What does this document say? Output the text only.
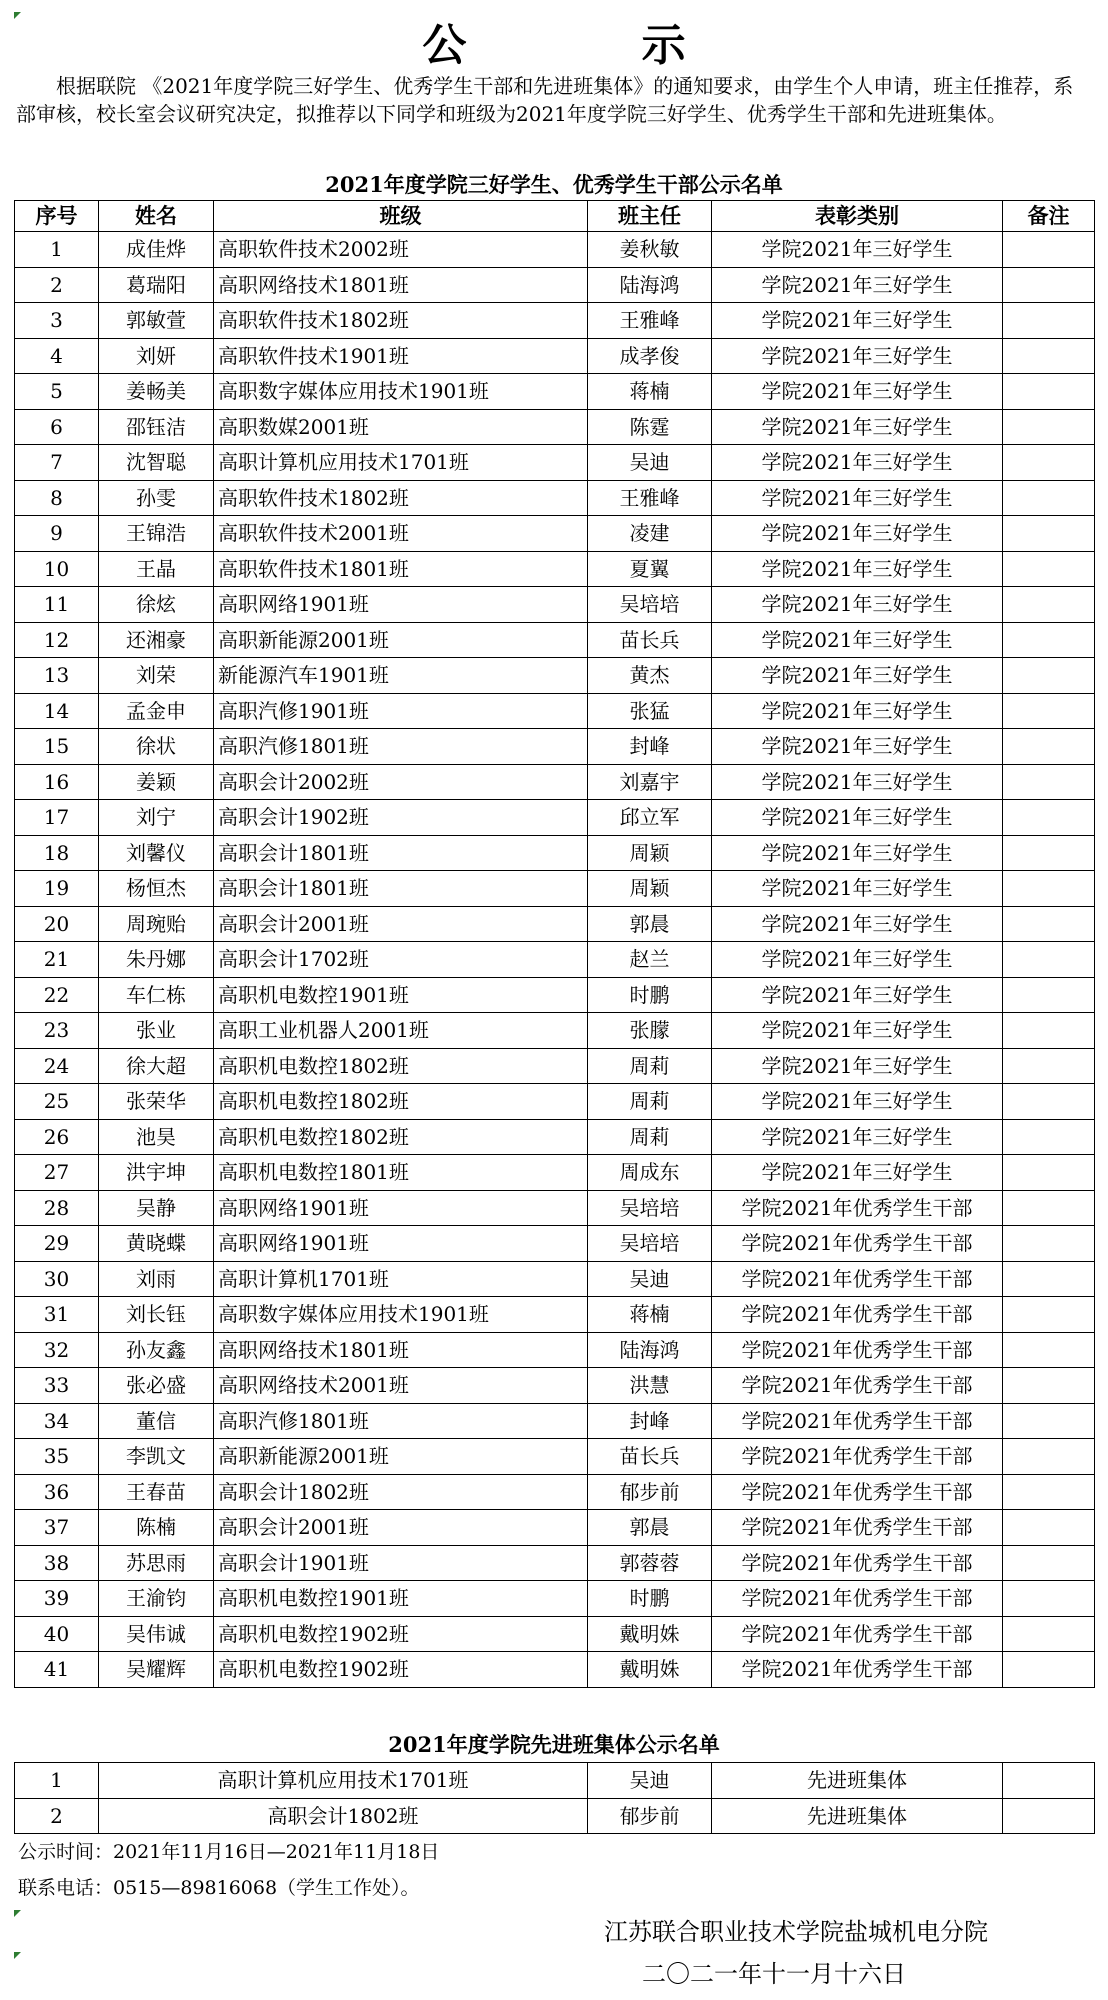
公 示

根据联院 《2021年度学院三好学生、优秀学生干部和先进班集体》的通知要求，由学生个人申请，班主任推荐，系部审核，校长室会议研究决定，拟推荐以下同学和班级为2021年度学院三好学生、优秀学生干部和先进班集体。

2021年度学院三好学生、优秀学生干部公示名单
序号	姓名	班级	班主任	表彰类别	备注
1	成佳烨	高职软件技术2002班	姜秋敏	学院2021年三好学生	
2	葛瑞阳	高职网络技术1801班	陆海鸿	学院2021年三好学生	
3	郭敏萱	高职软件技术1802班	王雅峰	学院2021年三好学生	
4	刘妍	高职软件技术1901班	成孝俊	学院2021年三好学生	
5	姜畅美	高职数字媒体应用技术1901班	蒋楠	学院2021年三好学生	
6	邵钰洁	高职数媒2001班	陈霆	学院2021年三好学生	
7	沈智聪	高职计算机应用技术1701班	吴迪	学院2021年三好学生	
8	孙雯	高职软件技术1802班	王雅峰	学院2021年三好学生	
9	王锦浩	高职软件技术2001班	凌建	学院2021年三好学生	
10	王晶	高职软件技术1801班	夏翼	学院2021年三好学生	
11	徐炫	高职网络1901班	吴培培	学院2021年三好学生	
12	还湘豪	高职新能源2001班	苗长兵	学院2021年三好学生	
13	刘荣	新能源汽车1901班	黄杰	学院2021年三好学生	
14	孟金申	高职汽修1901班	张猛	学院2021年三好学生	
15	徐状	高职汽修1801班	封峰	学院2021年三好学生	
16	姜颖	高职会计2002班	刘嘉宇	学院2021年三好学生	
17	刘宁	高职会计1902班	邱立军	学院2021年三好学生	
18	刘馨仪	高职会计1801班	周颖	学院2021年三好学生	
19	杨恒杰	高职会计1801班	周颖	学院2021年三好学生	
20	周琬贻	高职会计2001班	郭晨	学院2021年三好学生	
21	朱丹娜	高职会计1702班	赵兰	学院2021年三好学生	
22	车仁栋	高职机电数控1901班	时鹏	学院2021年三好学生	
23	张业	高职工业机器人2001班	张朦	学院2021年三好学生	
24	徐大超	高职机电数控1802班	周莉	学院2021年三好学生	
25	张荣华	高职机电数控1802班	周莉	学院2021年三好学生	
26	池昊	高职机电数控1802班	周莉	学院2021年三好学生	
27	洪宇坤	高职机电数控1801班	周成东	学院2021年三好学生	
28	吴静	高职网络1901班	吴培培	学院2021年优秀学生干部	
29	黄晓蝶	高职网络1901班	吴培培	学院2021年优秀学生干部	
30	刘雨	高职计算机1701班	吴迪	学院2021年优秀学生干部	
31	刘长钰	高职数字媒体应用技术1901班	蒋楠	学院2021年优秀学生干部	
32	孙友鑫	高职网络技术1801班	陆海鸿	学院2021年优秀学生干部	
33	张必盛	高职网络技术2001班	洪慧	学院2021年优秀学生干部	
34	董信	高职汽修1801班	封峰	学院2021年优秀学生干部	
35	李凯文	高职新能源2001班	苗长兵	学院2021年优秀学生干部	
36	王春苗	高职会计1802班	郁步前	学院2021年优秀学生干部	
37	陈楠	高职会计2001班	郭晨	学院2021年优秀学生干部	
38	苏思雨	高职会计1901班	郭蓉蓉	学院2021年优秀学生干部	
39	王渝钧	高职机电数控1901班	时鹏	学院2021年优秀学生干部	
40	吴伟诚	高职机电数控1902班	戴明姝	学院2021年优秀学生干部	
41	吴耀辉	高职机电数控1902班	戴明姝	学院2021年优秀学生干部	
2021年度学院先进班集体公示名单
1	高职计算机应用技术1701班	吴迪	先进班集体	
2	高职会计1802班	郁步前	先进班集体	
公示时间：2021年11月16日—2021年11月18日
联系电话：0515—89816068（学生工作处）。
江苏联合职业技术学院盐城机电分院
二〇二一年十一月十六日
